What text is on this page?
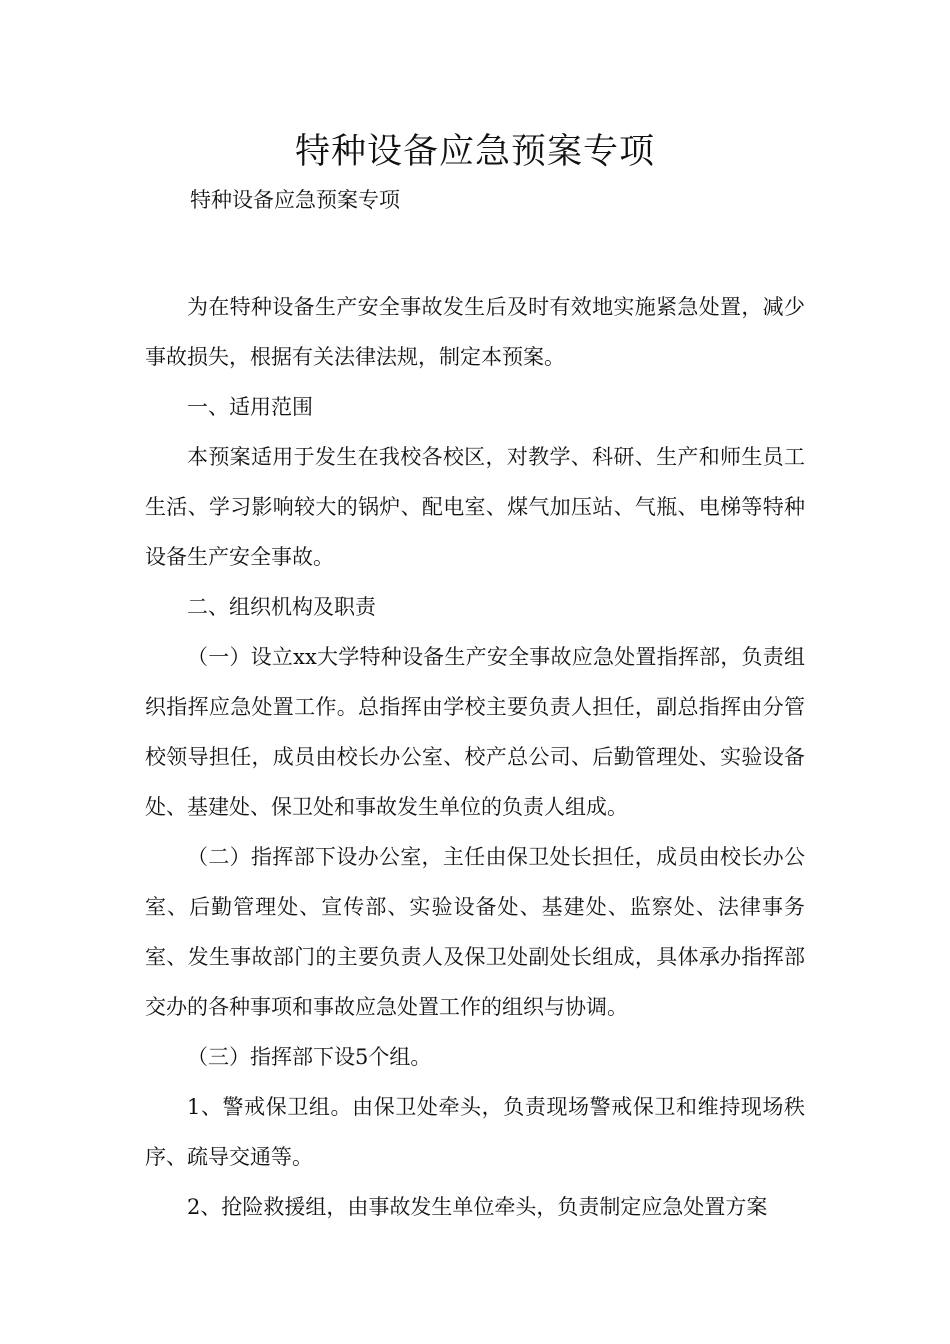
特种设备应急预案专项

特种设备应急预案专项

为在特种设备生产安全事故发生后及时有效地实施紧急处置，减少事故损失，根据有关法律法规，制定本预案。

一、适用范围

本预案适用于发生在我校各校区，对教学、科研、生产和师生员工生活、学习影响较大的锅炉、配电室、煤气加压站、气瓶、电梯等特种设备生产安全事故。

二、组织机构及职责

（一）设立xx大学特种设备生产安全事故应急处置指挥部，负责组织指挥应急处置工作。总指挥由学校主要负责人担任，副总指挥由分管校领导担任，成员由校长办公室、校产总公司、后勤管理处、实验设备处、基建处、保卫处和事故发生单位的负责人组成。

（二）指挥部下设办公室，主任由保卫处长担任，成员由校长办公室、后勤管理处、宣传部、实验设备处、基建处、监察处、法律事务室、发生事故部门的主要负责人及保卫处副处长组成，具体承办指挥部交办的各种事项和事故应急处置工作的组织与协调。

（三）指挥部下设5个组。

1、警戒保卫组。由保卫处牵头，负责现场警戒保卫和维持现场秩序、疏导交通等。

2、抢险救援组，由事故发生单位牵头，负责制定应急处置方案
